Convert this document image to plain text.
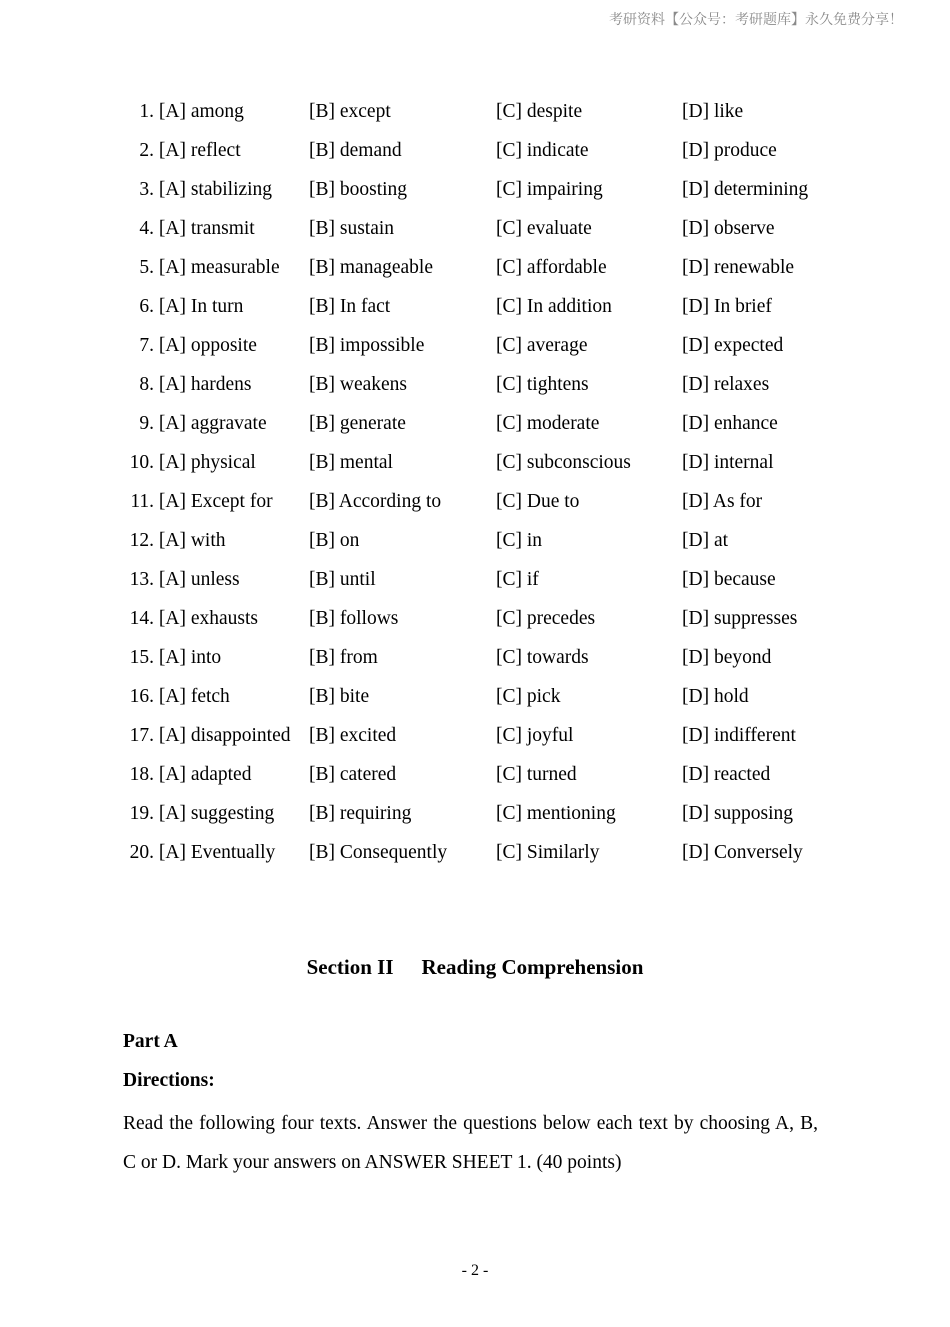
考研资料【公众号：考研题库】永久免费分享！
1.
[A] among	[B] except	[C] despite	[D] like
2.
[A] reflect	[B] demand	[C] indicate	[D] produce
3.
[A] stabilizing [B] boosting	[C] impairing	[D] determining
4.
[A] transmit	[B] sustain	[C] evaluate	[D] observe
5.
[A] measurable [B] manageable	[C] affordable	[D] renewable
6.
[A] In turn	[B] In fact	[C] In addition	[D] In brief
7.
[A] opposite	[B] impossible	[C] average	[D] expected
8.
[A] hardens	[B] weakens	[C] tightens	[D] relaxes
9.
[A] aggravate [B] generate	[C] moderate	[D] enhance
10.
[A] physical	[B] mental	[C] subconscious	[D] internal
11.
[A] Except for [B] According to	[C] Due to	[D] As for
12.
[A] with	[B] on	[C] in	[D] at
13.
[A] unless	[B] until	[C] if	[D] because
14.
[A] exhausts	[B] follows	[C] precedes	[D] suppresses
15.
[A] into	[B] from	[C] towards	[D] beyond
16.
[A] fetch	[B] bite	[C] pick	[D] hold
17.
[A] disappointed [B] excited	[C] joyful	[D] indifferent
18.
[A] adapted	[B] catered	[C] turned	[D] reacted
19.
[A] suggesting [B] requiring	[C] mentioning	[D] supposing
20.
[A] Eventually [B] Consequently	[C] Similarly	[D] Conversely
Section II Reading Comprehension
Part A
Directions:
Read the following four texts. Answer the questions below each text by choosing A, B, C or D. Mark your answers on ANSWER SHEET 1. (40 points)
- 2 -
